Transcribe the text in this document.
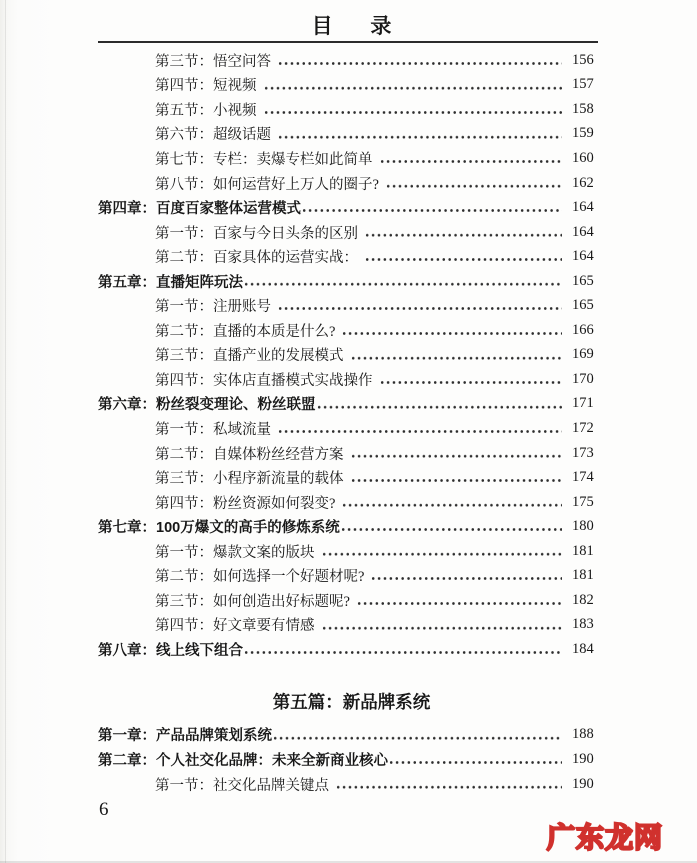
目 录
第三节：悟空问答	156
第四节：短视频	157
第五节：小视频	158
第六节：超级话题	159
第七节：专栏：卖爆专栏如此简单	160
第八节：如何运营好上万人的圈子?	162
第四章：百度百家整体运营模式	164
第一节：百家与今日头条的区别	164
第二节：百家具体的运营实战：	164
第五章：直播矩阵玩法	165
第一节：注册账号	165
第二节：直播的本质是什么?	166
第三节：直播产业的发展模式	169
第四节：实体店直播模式实战操作	170
第六章：粉丝裂变理论、粉丝联盟	171
第一节：私域流量	172
第二节：自媒体粉丝经营方案	173
第三节：小程序新流量的载体	174
第四节：粉丝资源如何裂变?	175
第七章：100万爆文的高手的修炼系统	180
第一节：爆款文案的版块	181
第二节：如何选择一个好题材呢?	181
第三节：如何创造出好标题呢?	182
第四节：好文章要有情感	183
第八章：线上线下组合	184
第五篇：新品牌系统
第一章：产品品牌策划系统	188
第二章：个人社交化品牌：未来全新商业核心	190
第一节：社交化品牌关键点	190
6
广东龙网
